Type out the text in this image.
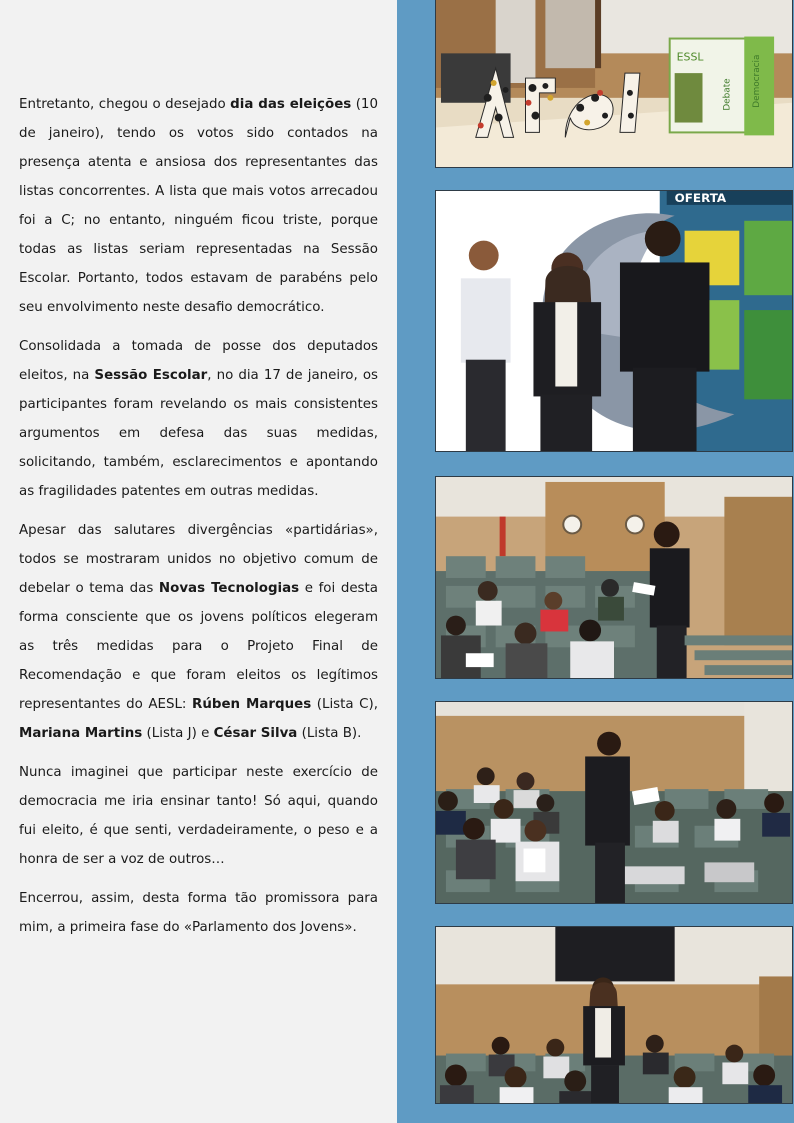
Entretanto, chegou o desejado dia das eleições (10 de janeiro), tendo os votos sido contados na presença atenta e ansiosa dos representantes das listas concorrentes. A lista que mais votos arrecadou foi a C; no entanto, ninguém ficou triste, porque todas as listas seriam representadas na Sessão Escolar. Portanto, todos estavam de parabéns pelo seu envolvimento neste desafio democrático.

Consolidada a tomada de posse dos deputados eleitos, na Sessão Escolar, no dia 17 de janeiro, os participantes foram revelando os mais consistentes argumentos em defesa das suas medidas, solicitando, também, esclarecimentos e apontando as fragilidades patentes em outras medidas.

Apesar das salutares divergências «partidárias», todos se mostraram unidos no objetivo comum de debelar o tema das Novas Tecnologias e foi desta forma consciente que os jovens políticos elegeram as três medidas para o Projeto Final de Recomendação e que foram eleitos os legítimos representantes do AESL: Rúben Marques (Lista C), Mariana Martins (Lista J) e César Silva (Lista B).

Nunca imaginei que participar neste exercício de democracia me iria ensinar tanto! Só aqui, quando fui eleito, é que senti, verdadeiramente, o peso e a honra de ser a voz de outros…

Encerrou, assim, desta forma tão promissora para mim, a primeira fase do «Parlamento dos Jovens».

ESSL
Debate Democracia
OFERTA
